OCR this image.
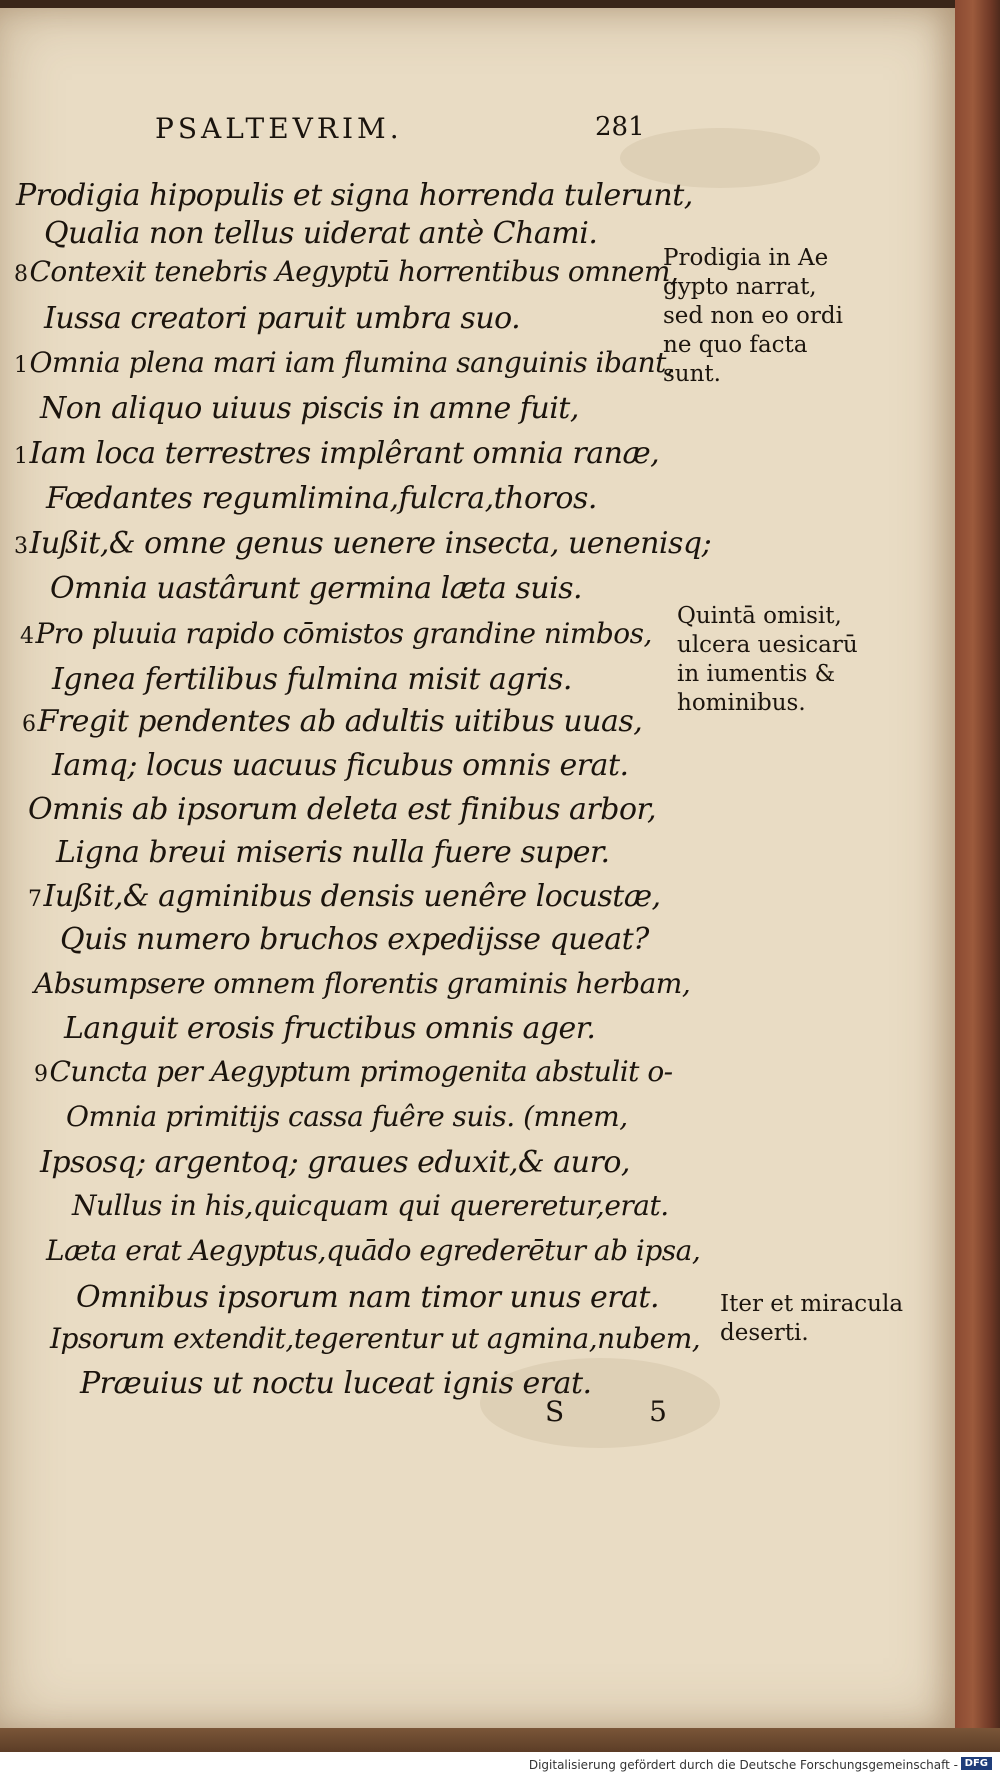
PSALTEVRIM.	281
Prodigia hipopulis et signa horrenda tulerunt,
Qualia non tellus uiderat antè Chami.
8Contexit tenebris Aegyptū horrentibus omnem,
Iussa creatori paruit umbra suo.
1Omnia plena mari iam flumina sanguinis ibant,
Non aliquo uiuus piscis in amne fuit,
1Iam loca terrestres implêrant omnia ranæ,
Fœdantes regumlimina,fulcra,thoros.
3Iußit,& omne genus uenere insecta, uenenisq;
Omnia uastârunt germina læta suis.
4Pro pluuia rapido cōmistos grandine nimbos,
Ignea fertilibus fulmina misit agris.
6Fregit pendentes ab adultis uitibus uuas,
Iamq; locus uacuus ficubus omnis erat.
Omnis ab ipsorum deleta est finibus arbor,
Ligna breui miseris nulla fuere super.
7Iußit,& agminibus densis uenêre locustæ,
Quis numero bruchos expedijsse queat?
Absumpsere omnem florentis graminis herbam,
Languit erosis fructibus omnis ager.
9Cuncta per Aegyptum primogenita abstulit o-
Omnia primitijs cassa fuêre suis. (mnem,
Ipsosq; argentoq; graues eduxit,& auro,
Nullus in his,quicquam qui quereretur,erat.
Læta erat Aegyptus,quādo egrederētur ab ipsa,
Omnibus ipsorum nam timor unus erat.
Ipsorum extendit,tegerentur ut agmina,nubem,
Præuius ut noctu luceat ignis erat.
Prodigia in Ae
gypto narrat,
sed non eo ordi
ne quo facta
sunt.
Quintā omisit,
ulcera uesicarū
in iumentis &
hominibus.
Iter et miracula
deserti.
S 5
Digitalisierung gefördert durch die Deutsche Forschungsgemeinschaft - DFG
